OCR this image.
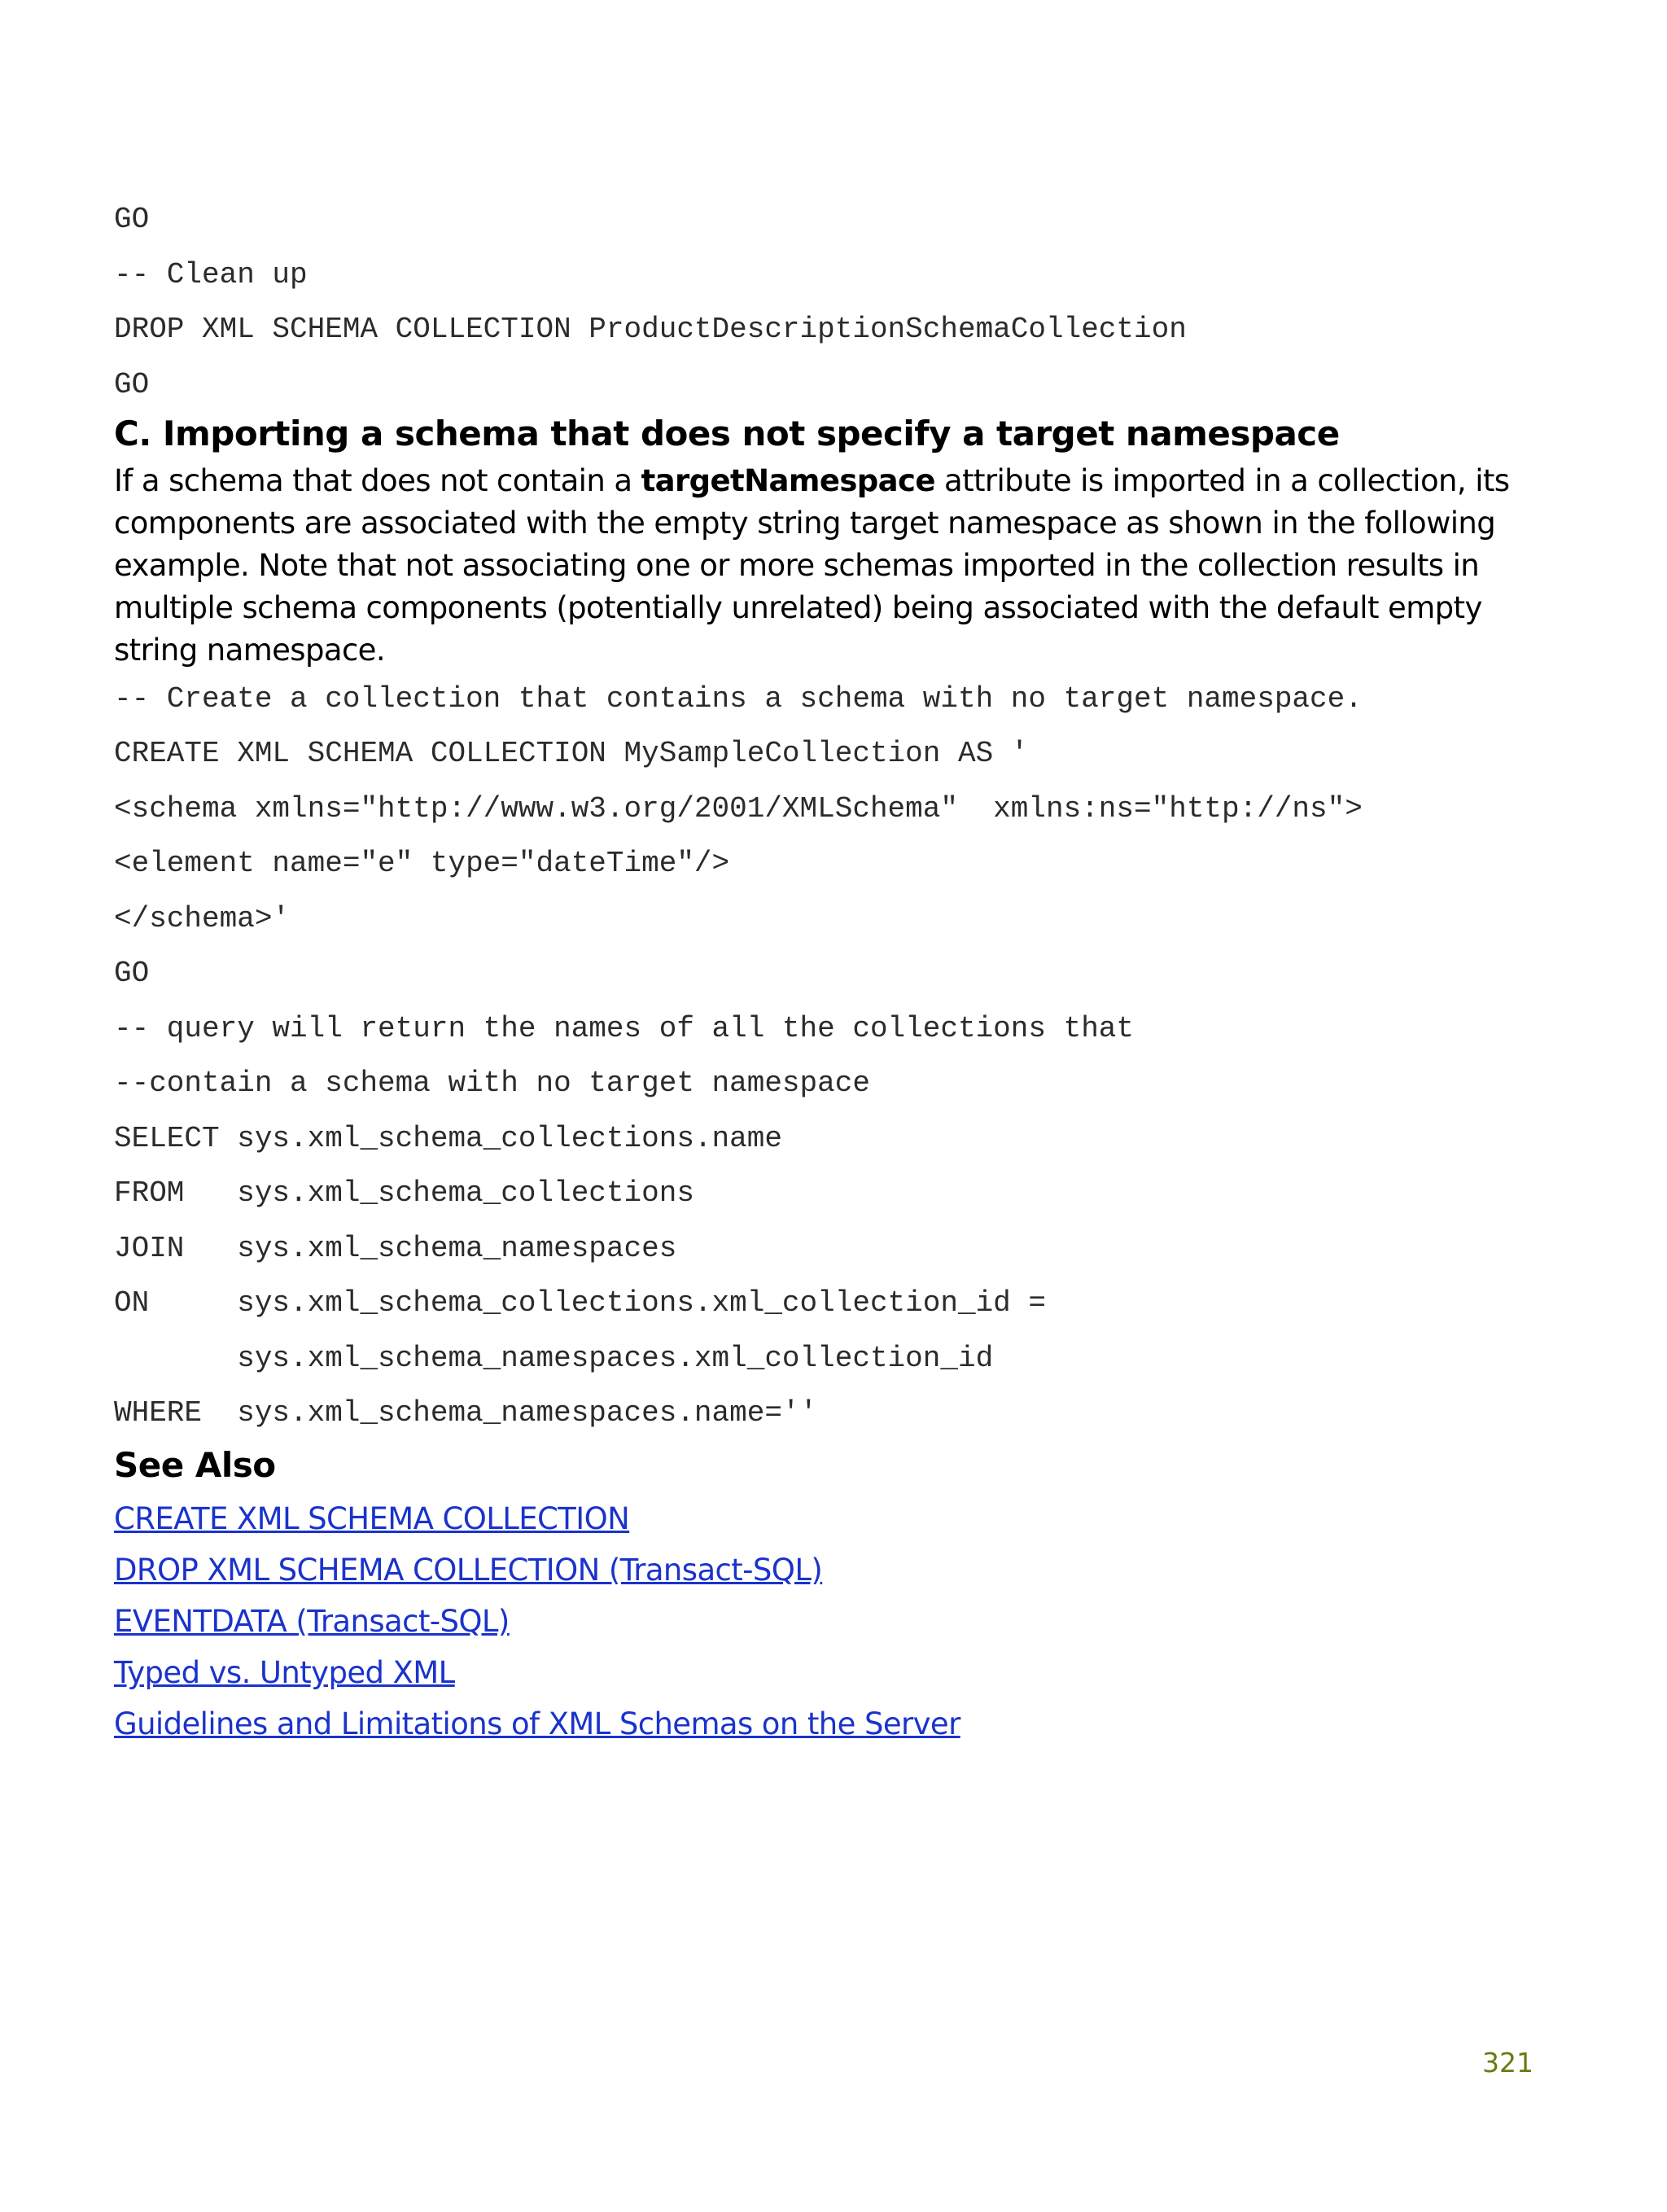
GO
-- Clean up
DROP XML SCHEMA COLLECTION ProductDescriptionSchemaCollection
GO
C. Importing a schema that does not specify a target namespace

If a schema that does not contain a targetNamespace attribute is imported in a collection, its components are associated with the empty string target namespace as shown in the following example. Note that not associating one or more schemas imported in the collection results in multiple schema components (potentially unrelated) being associated with the default empty string namespace.

-- Create a collection that contains a schema with no target namespace.
CREATE XML SCHEMA COLLECTION MySampleCollection AS '
<schema xmlns="http://www.w3.org/2001/XMLSchema"  xmlns:ns="http://ns">
<element name="e" type="dateTime"/>
</schema>'
GO
-- query will return the names of all the collections that
--contain a schema with no target namespace
SELECT sys.xml_schema_collections.name
FROM   sys.xml_schema_collections
JOIN   sys.xml_schema_namespaces
ON     sys.xml_schema_collections.xml_collection_id =
sys.xml_schema_namespaces.xml_collection_id
WHERE  sys.xml_schema_namespaces.name=''
See Also
CREATE XML SCHEMA COLLECTION
DROP XML SCHEMA COLLECTION (Transact-SQL)
EVENTDATA (Transact-SQL)
Typed vs. Untyped XML
Guidelines and Limitations of XML Schemas on the Server
321
